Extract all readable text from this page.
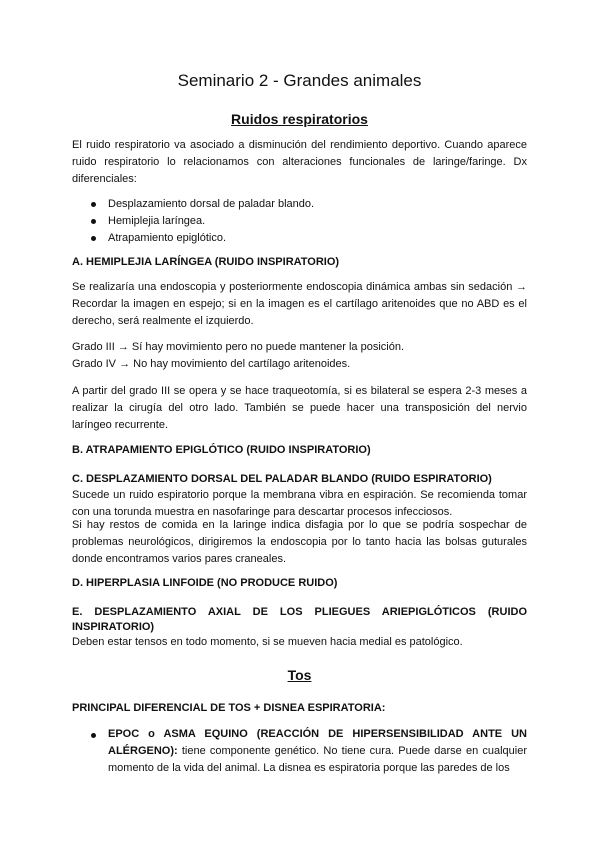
Seminario 2 - Grandes animales
Ruidos respiratorios

El ruido respiratorio va asociado a disminución del rendimiento deportivo. Cuando aparece ruido respiratorio lo relacionamos con alteraciones funcionales de laringe/faringe. Dx diferenciales:

Desplazamiento dorsal de paladar blando.
Hemiplejia laríngea.
Atrapamiento epiglótico.

A. HEMIPLEJIA LARÍNGEA (RUIDO INSPIRATORIO)

Se realizaría una endoscopia y posteriormente endoscopia dinámica ambas sin sedación → Recordar la imagen en espejo; si en la imagen es el cartílago aritenoides que no ABD es el derecho, será realmente el izquierdo.

Grado III → Sí hay movimiento pero no puede mantener la posición.

Grado IV → No hay movimiento del cartílago aritenoides.

A partir del grado III se opera y se hace traqueotomía, si es bilateral se espera 2-3 meses a realizar la cirugía del otro lado. También se puede hacer una transposición del nervio laríngeo recurrente.

B. ATRAPAMIENTO EPIGLÓTICO (RUIDO INSPIRATORIO)

C. DESPLAZAMIENTO DORSAL DEL PALADAR BLANDO (RUIDO ESPIRATORIO)

Sucede un ruido espiratorio porque la membrana vibra en espiración. Se recomienda tomar con una torunda muestra en nasofaringe para descartar procesos infecciosos.

Si hay restos de comida en la laringe indica disfagia por lo que se podría sospechar de problemas neurológicos, dirigiremos la endoscopia por lo tanto hacia las bolsas guturales donde encontramos varios pares craneales.

D. HIPERPLASIA LINFOIDE (NO PRODUCE RUIDO)

E. DESPLAZAMIENTO AXIAL DE LOS PLIEGUES ARIEPIGLÓTICOS (RUIDO

INSPIRATORIO)

Deben estar tensos en todo momento, si se mueven hacia medial es patológico.

Tos

PRINCIPAL DIFERENCIAL DE TOS + DISNEA ESPIRATORIA:

EPOC o ASMA EQUINO (REACCIÓN DE HIPERSENSIBILIDAD ANTE UN ALÉRGENO): tiene componente genético. No tiene cura. Puede darse en cualquier momento de la vida del animal. La disnea es espiratoria porque las paredes de los
